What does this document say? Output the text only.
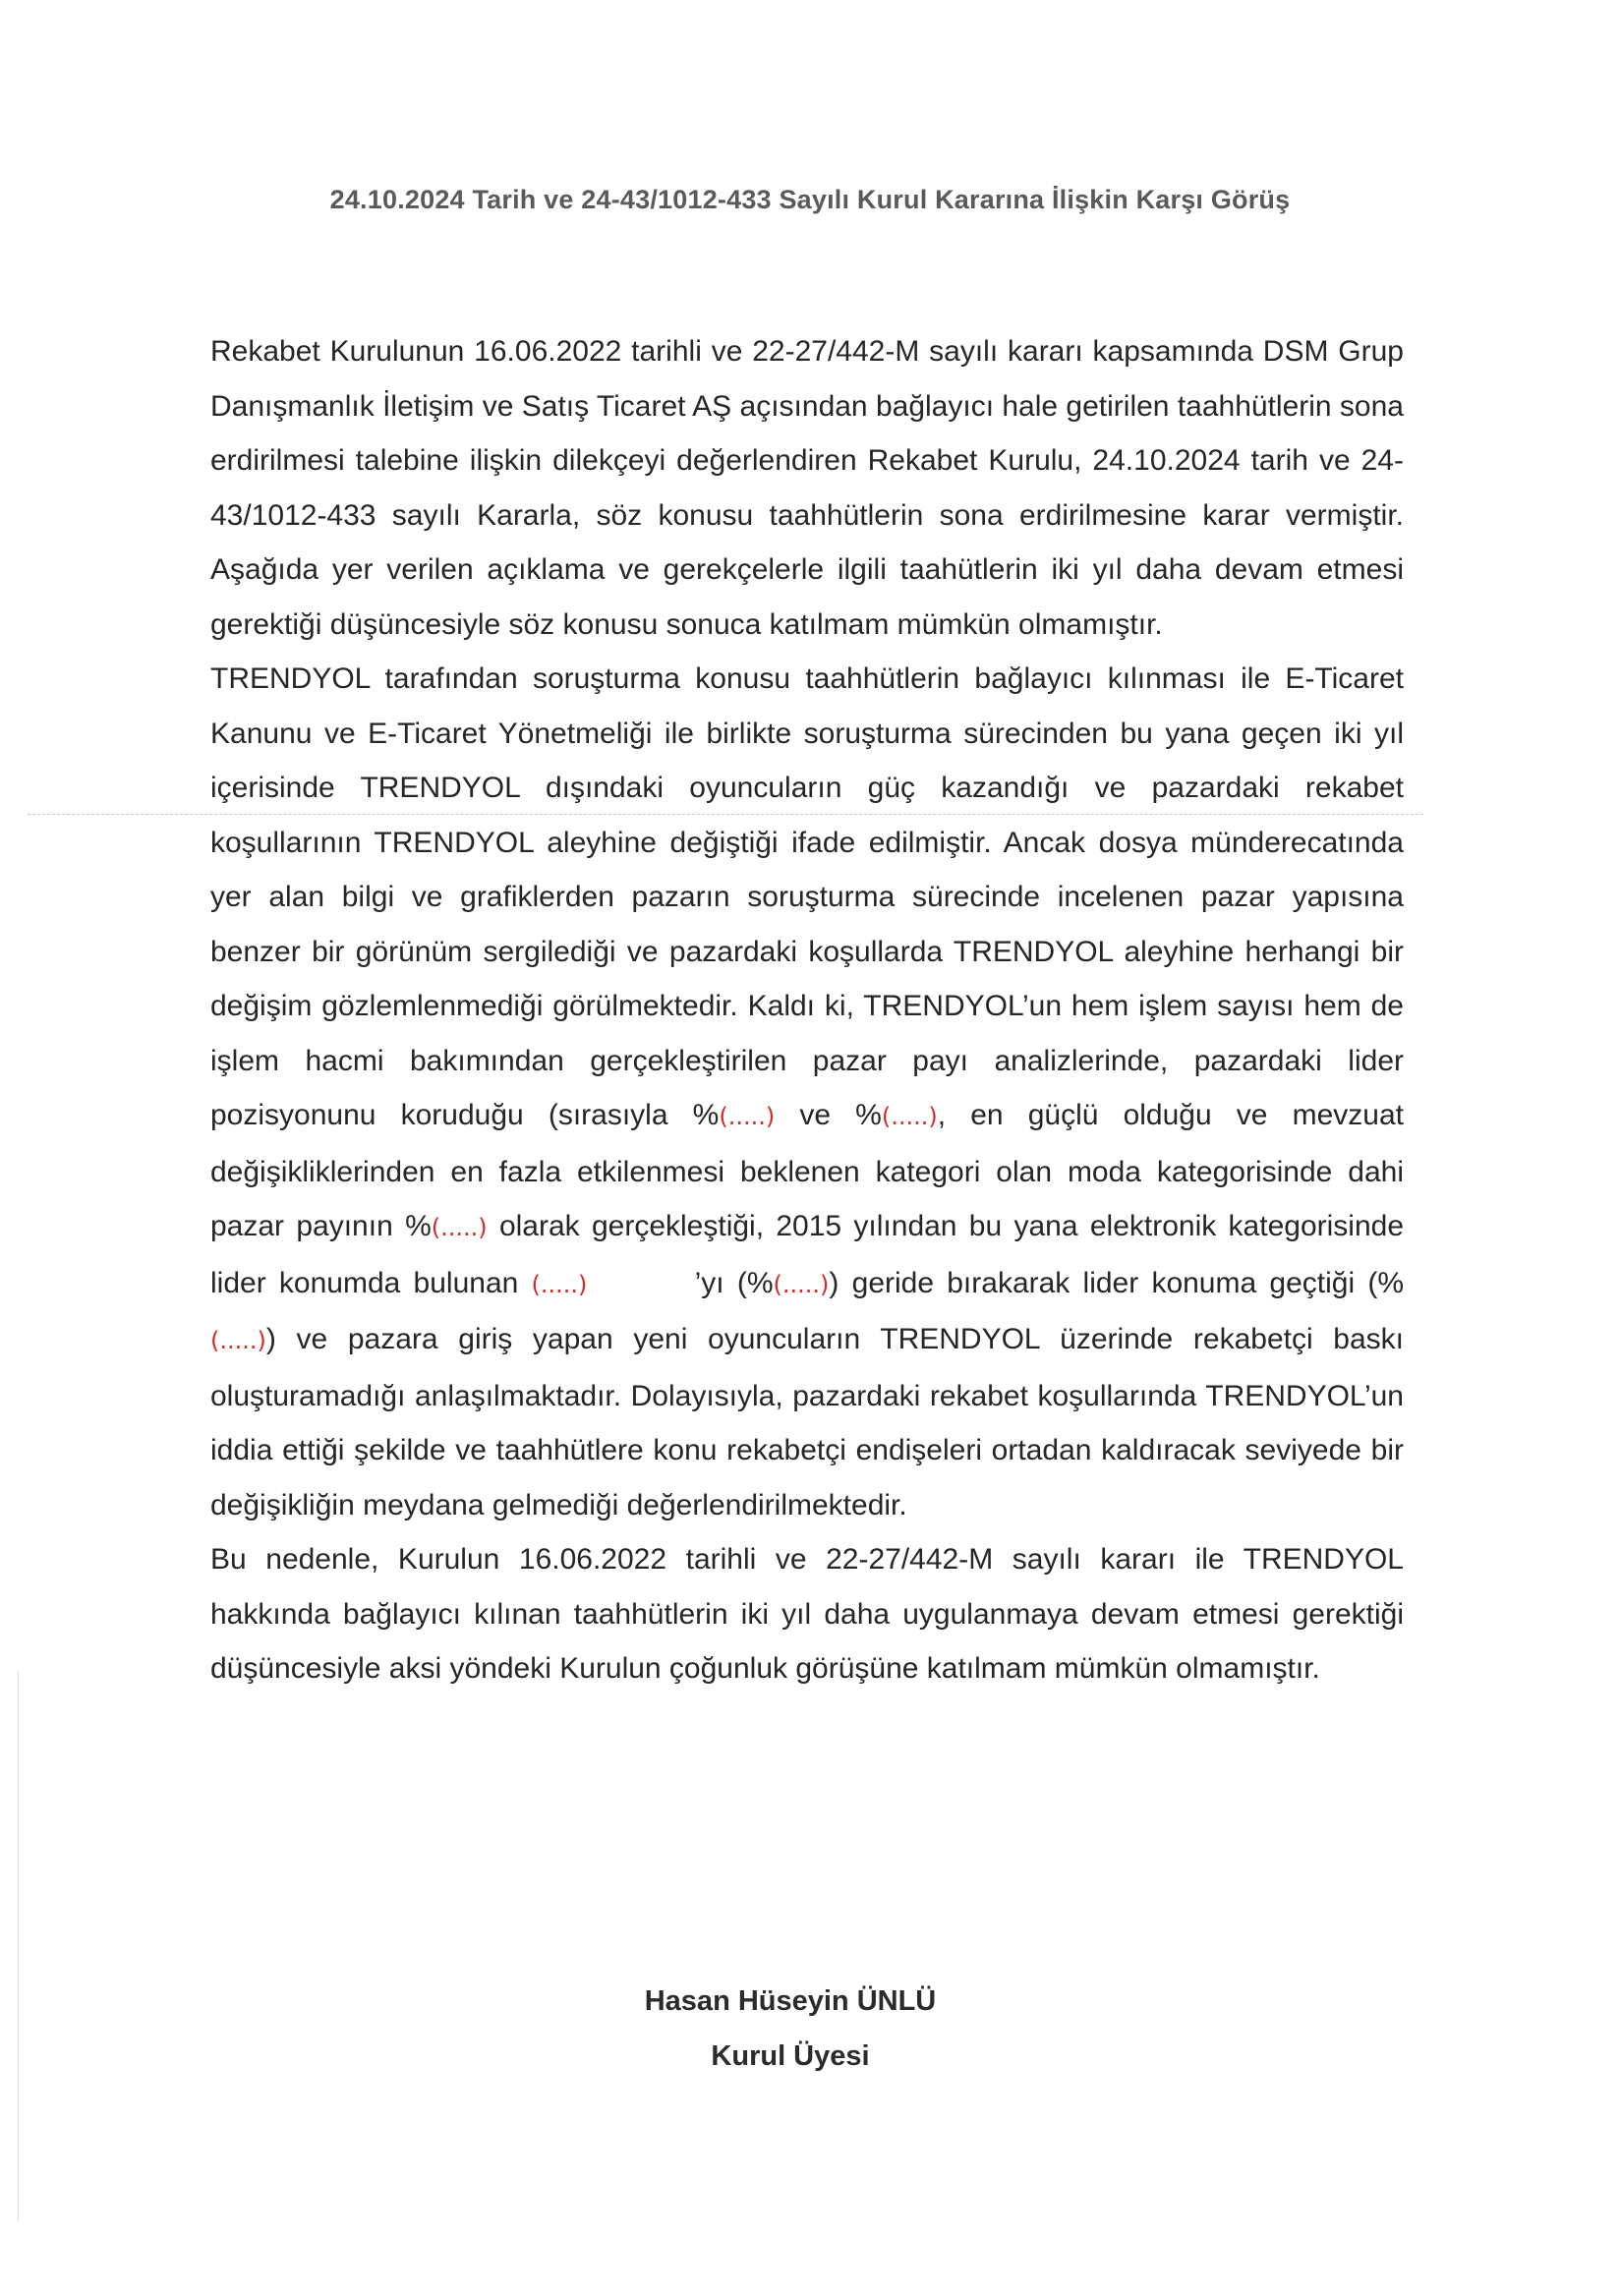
24.10.2024 Tarih ve 24-43/1012-433 Sayılı Kurul Kararına İlişkin Karşı Görüş

Rekabet Kurulunun 16.06.2022 tarihli ve 22-27/442-M sayılı kararı kapsamında DSM Grup Danışmanlık İletişim ve Satış Ticaret AŞ açısından bağlayıcı hale getirilen taahhütlerin sona erdirilmesi talebine ilişkin dilekçeyi değerlendiren Rekabet Kurulu, 24.10.2024 tarih ve 24-43/1012-433 sayılı Kararla, söz konusu taahhütlerin sona erdirilmesine karar vermiştir. Aşağıda yer verilen açıklama ve gerekçelerle ilgili taahütlerin iki yıl daha devam etmesi gerektiği düşüncesiyle söz konusu sonuca katılmam mümkün olmamıştır.

TRENDYOL tarafından soruşturma konusu taahhütlerin bağlayıcı kılınması ile E-Ticaret Kanunu ve E-Ticaret Yönetmeliği ile birlikte soruşturma sürecinden bu yana geçen iki yıl içerisinde TRENDYOL dışındaki oyuncuların güç kazandığı ve pazardaki rekabet koşullarının TRENDYOL aleyhine değiştiği ifade edilmiştir. Ancak dosya münderecatında yer alan bilgi ve grafiklerden pazarın soruşturma sürecinde incelenen pazar yapısına benzer bir görünüm sergilediği ve pazardaki koşullarda TRENDYOL aleyhine herhangi bir değişim gözlemlenmediği görülmektedir. Kaldı ki, TRENDYOL’un hem işlem sayısı hem de işlem hacmi bakımından gerçekleştirilen pazar payı analizlerinde, pazardaki lider pozisyonunu koruduğu (sırasıyla %(.....) ve %(.....), en güçlü olduğu ve mevzuat değişikliklerinden en fazla etkilenmesi beklenen kategori olan moda kategorisinde dahi pazar payının %(.....) olarak gerçekleştiği, 2015 yılından bu yana elektronik kategorisinde lider konumda bulunan (.....)	’yı (%(.....)) geride bırakarak lider konuma geçtiği (%(.....)) ve pazara giriş yapan yeni oyuncuların TRENDYOL üzerinde rekabetçi baskı oluşturamadığı anlaşılmaktadır. Dolayısıyla, pazardaki rekabet koşullarında TRENDYOL’un iddia ettiği şekilde ve taahhütlere konu rekabetçi endişeleri ortadan kaldıracak seviyede bir değişikliğin meydana gelmediği değerlendirilmektedir.

Bu nedenle, Kurulun 16.06.2022 tarihli ve 22-27/442-M sayılı kararı ile TRENDYOL hakkında bağlayıcı kılınan taahhütlerin iki yıl daha uygulanmaya devam etmesi gerektiği düşüncesiyle aksi yöndeki Kurulun çoğunluk görüşüne katılmam mümkün olmamıştır.

Hasan Hüseyin ÜNLÜ
Kurul Üyesi
